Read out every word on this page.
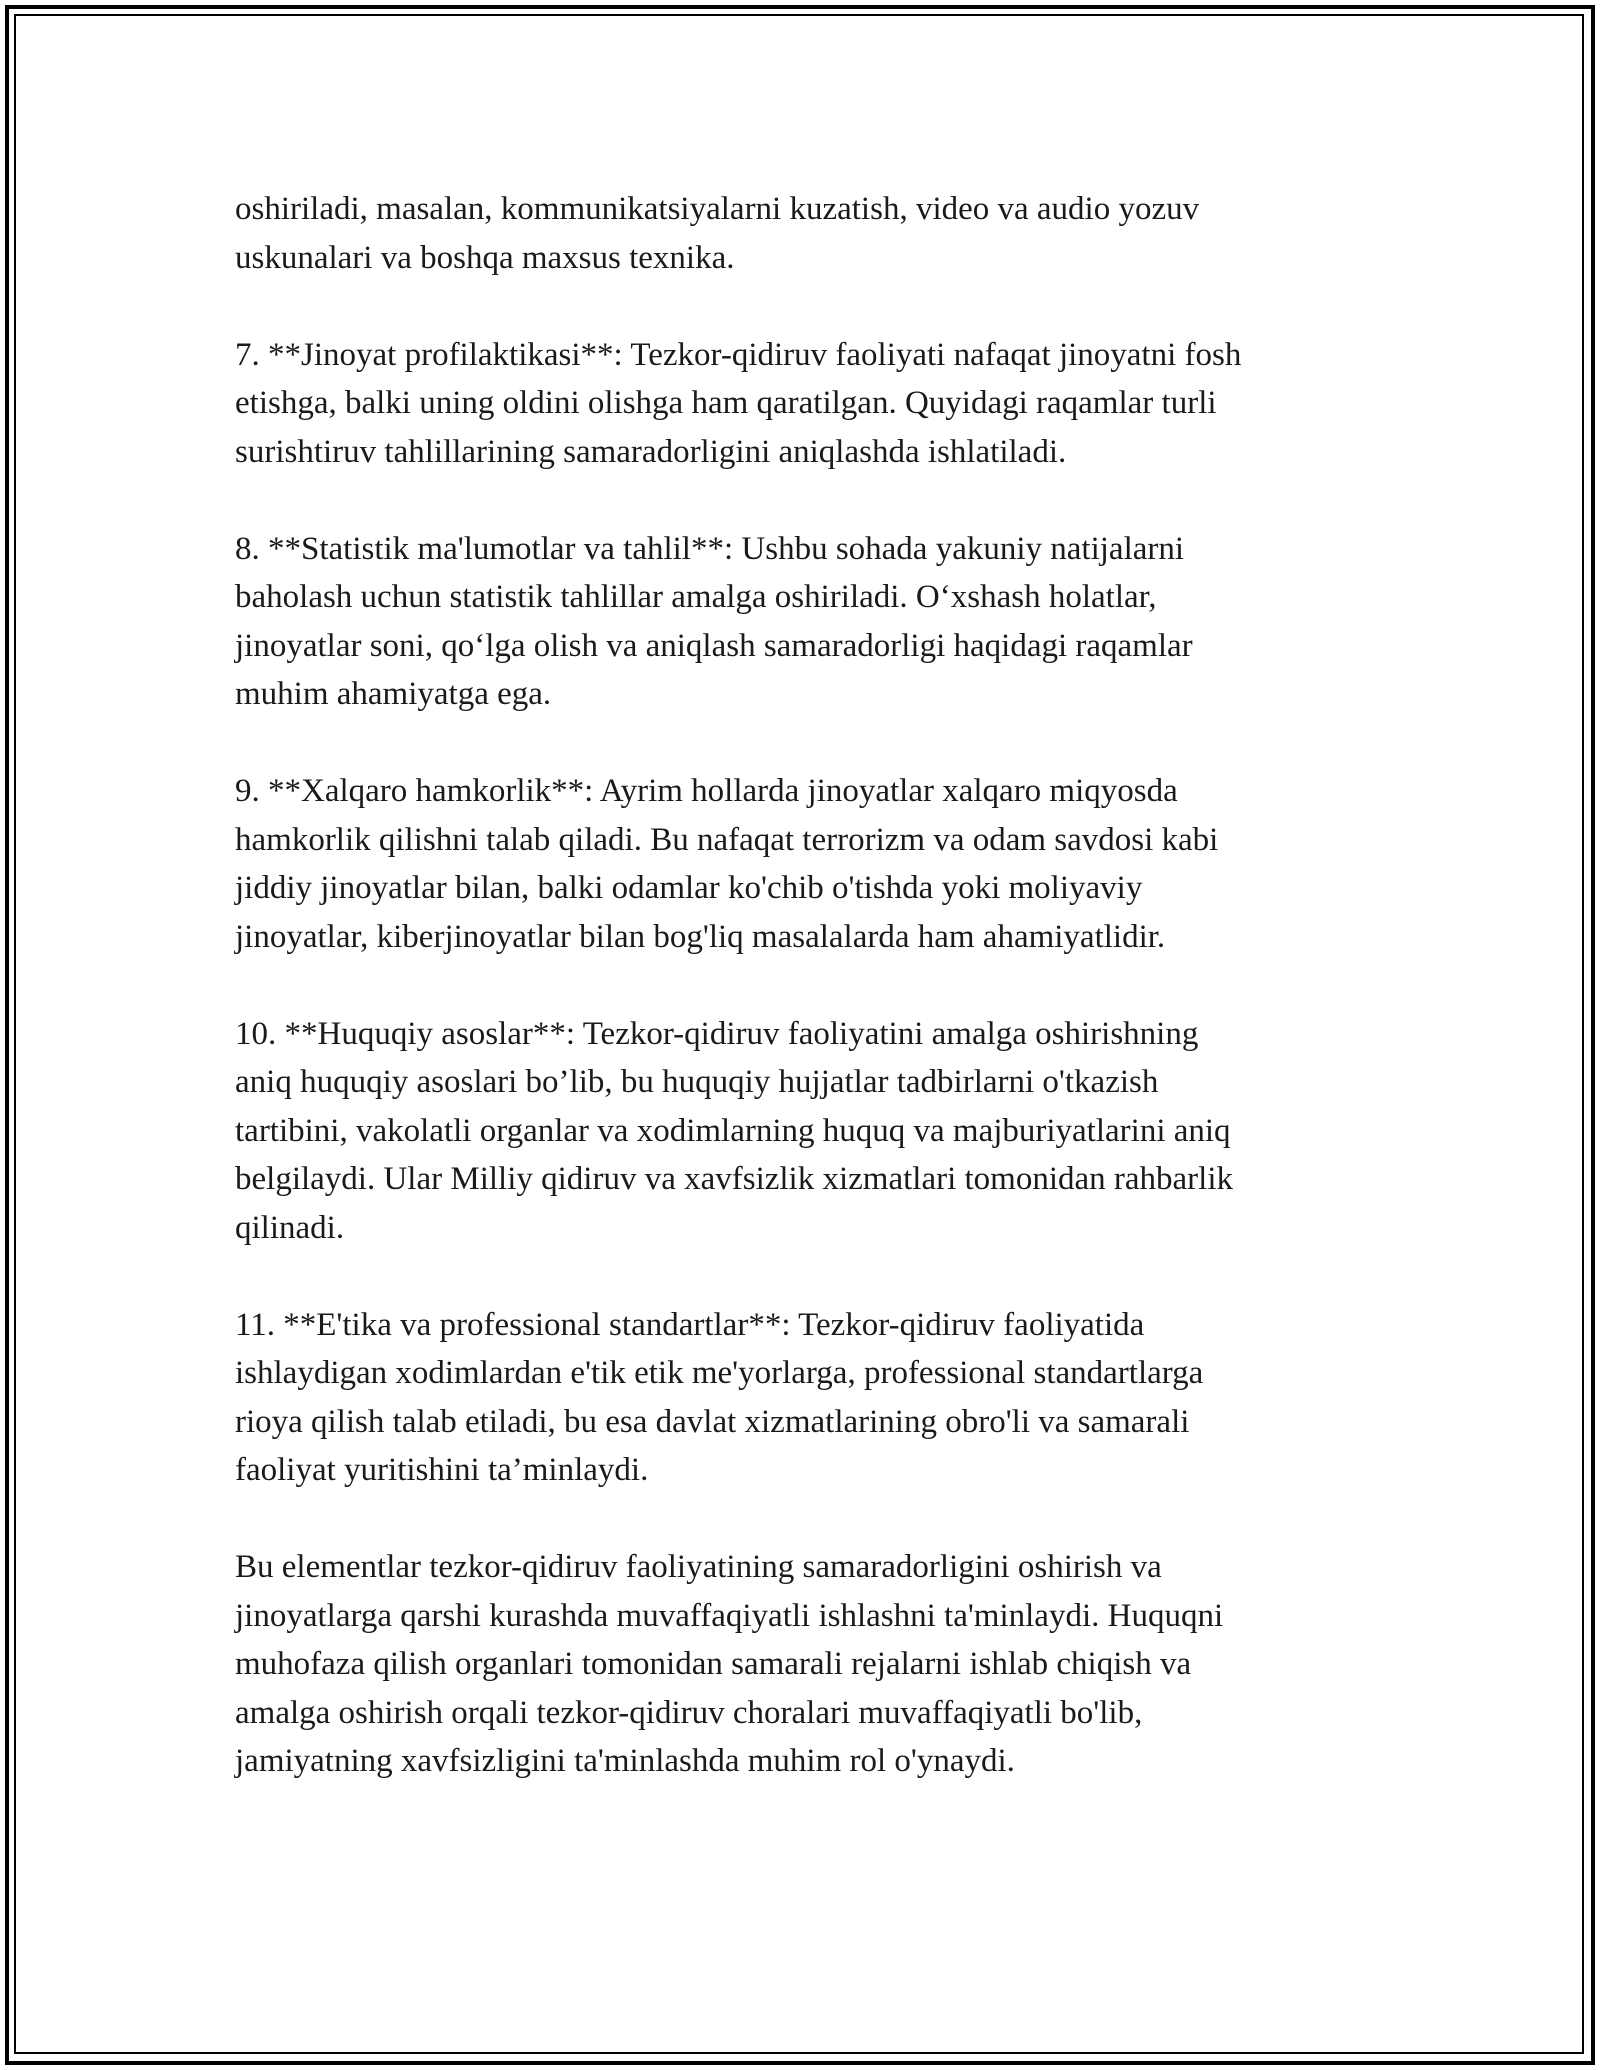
oshiriladi, masalan, kommunikatsiyalarni kuzatish, video va audio yozuv
uskunalari va boshqa maxsus texnika.

7. **Jinoyat profilaktikasi**: Tezkor-qidiruv faoliyati nafaqat jinoyatni fosh
etishga, balki uning oldini olishga ham qaratilgan. Quyidagi raqamlar turli
surishtiruv tahlillarining samaradorligini aniqlashda ishlatiladi.

8. **Statistik ma'lumotlar va tahlil**: Ushbu sohada yakuniy natijalarni
baholash uchun statistik tahlillar amalga oshiriladi. O‘xshash holatlar,
jinoyatlar soni, qo‘lga olish va aniqlash samaradorligi haqidagi raqamlar
muhim ahamiyatga ega.

9. **Xalqaro hamkorlik**: Ayrim hollarda jinoyatlar xalqaro miqyosda
hamkorlik qilishni talab qiladi. Bu nafaqat terrorizm va odam savdosi kabi
jiddiy jinoyatlar bilan, balki odamlar ko'chib o'tishda yoki moliyaviy
jinoyatlar, kiberjinoyatlar bilan bog'liq masalalarda ham ahamiyatlidir.

10. **Huquqiy asoslar**: Tezkor-qidiruv faoliyatini amalga oshirishning
aniq huquqiy asoslari bo’lib, bu huquqiy hujjatlar tadbirlarni o'tkazish
tartibini, vakolatli organlar va xodimlarning huquq va majburiyatlarini aniq
belgilaydi. Ular Milliy qidiruv va xavfsizlik xizmatlari tomonidan rahbarlik
qilinadi.

11. **E'tika va professional standartlar**: Tezkor-qidiruv faoliyatida
ishlaydigan xodimlardan e'tik etik me'yorlarga, professional standartlarga
rioya qilish talab etiladi, bu esa davlat xizmatlarining obro'li va samarali
faoliyat yuritishini ta’minlaydi.

Bu elementlar tezkor-qidiruv faoliyatining samaradorligini oshirish va
jinoyatlarga qarshi kurashda muvaffaqiyatli ishlashni ta'minlaydi. Huquqni
muhofaza qilish organlari tomonidan samarali rejalarni ishlab chiqish va
amalga oshirish orqali tezkor-qidiruv choralari muvaffaqiyatli bo'lib,
jamiyatning xavfsizligini ta'minlashda muhim rol o'ynaydi.
